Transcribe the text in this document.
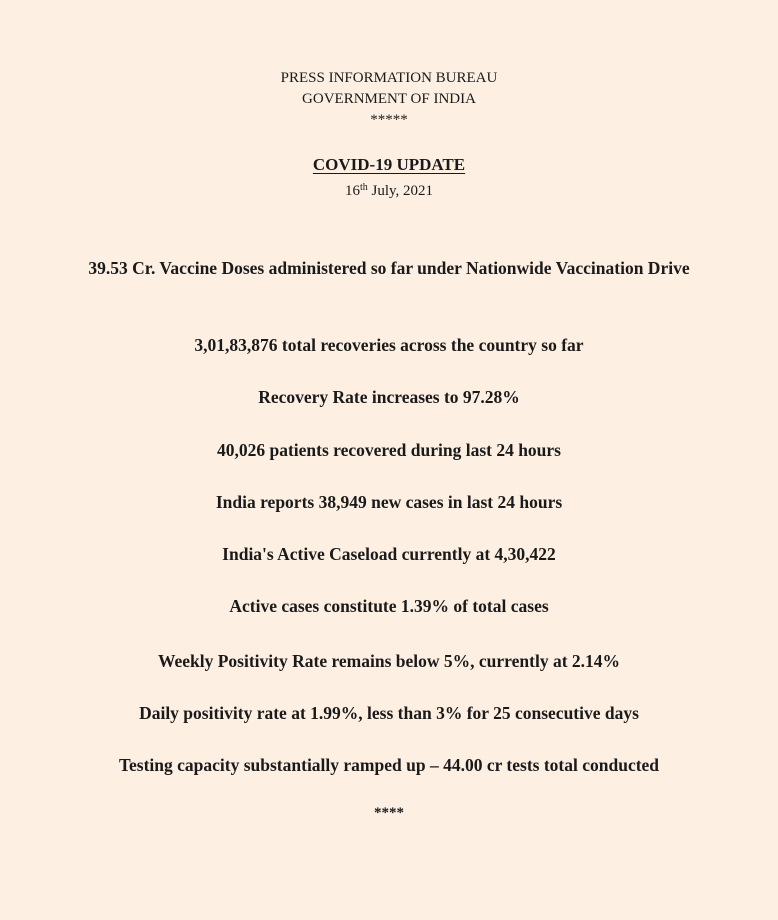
PRESS INFORMATION BUREAU

GOVERNMENT OF INDIA

*****

COVID-19 UPDATE

16th July, 2021

39.53 Cr. Vaccine Doses administered so far under Nationwide Vaccination Drive

3,01,83,876 total recoveries across the country so far

Recovery Rate increases to 97.28%

40,026 patients recovered during last 24 hours

India reports 38,949 new cases in last 24 hours

India's Active Caseload currently at 4,30,422

Active cases constitute 1.39% of total cases

Weekly Positivity Rate remains below 5%, currently at 2.14%

Daily positivity rate at 1.99%, less than 3% for 25 consecutive days

Testing capacity substantially ramped up – 44.00 cr tests total conducted

****
